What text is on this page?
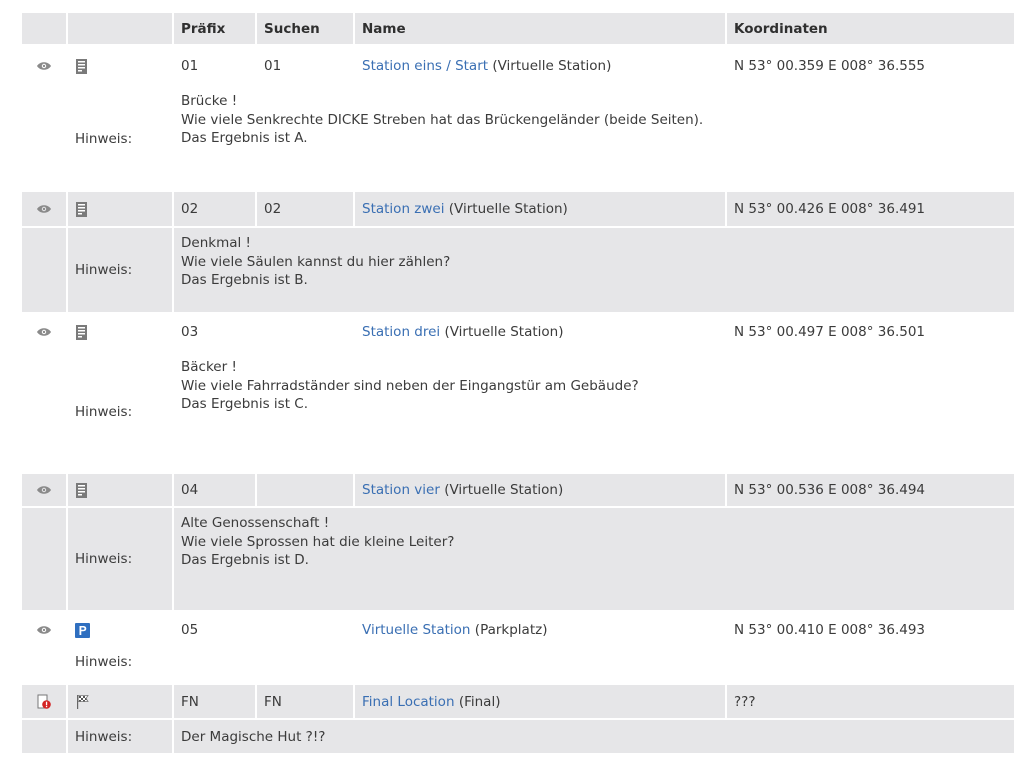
		Präfix	Suchen	Name	Koordinaten
		01	01	Station eins / Start (Virtuelle Station)	N 53° 00.359 E 008° 36.555
	Hinweis:	Brücke !
Wie viele Senkrechte DICKE Streben hat das Brückengeländer (beide Seiten).
Das Ergebnis ist A.			

		02	02	Station zwei (Virtuelle Station)	N 53° 00.426 E 008° 36.491
	Hinweis:	Denkmal !
Wie viele Säulen kannst du hier zählen?
Das Ergebnis ist B.			

		03		Station drei (Virtuelle Station)	N 53° 00.497 E 008° 36.501
	Hinweis:	Bäcker !
Wie viele Fahrradständer sind neben der Eingangstür am Gebäude?
Das Ergebnis ist C.			

		04		Station vier (Virtuelle Station)	N 53° 00.536 E 008° 36.494
	Hinweis:	Alte Genossenschaft !
Wie viele Sprossen hat die kleine Leiter?
Das Ergebnis ist D.			

		05		Virtuelle Station (Parkplatz)	N 53° 00.410 E 008° 36.493
	Hinweis:				
		FN	FN	Final Location (Final)	???
	Hinweis:	Der Magische Hut ?!?			
